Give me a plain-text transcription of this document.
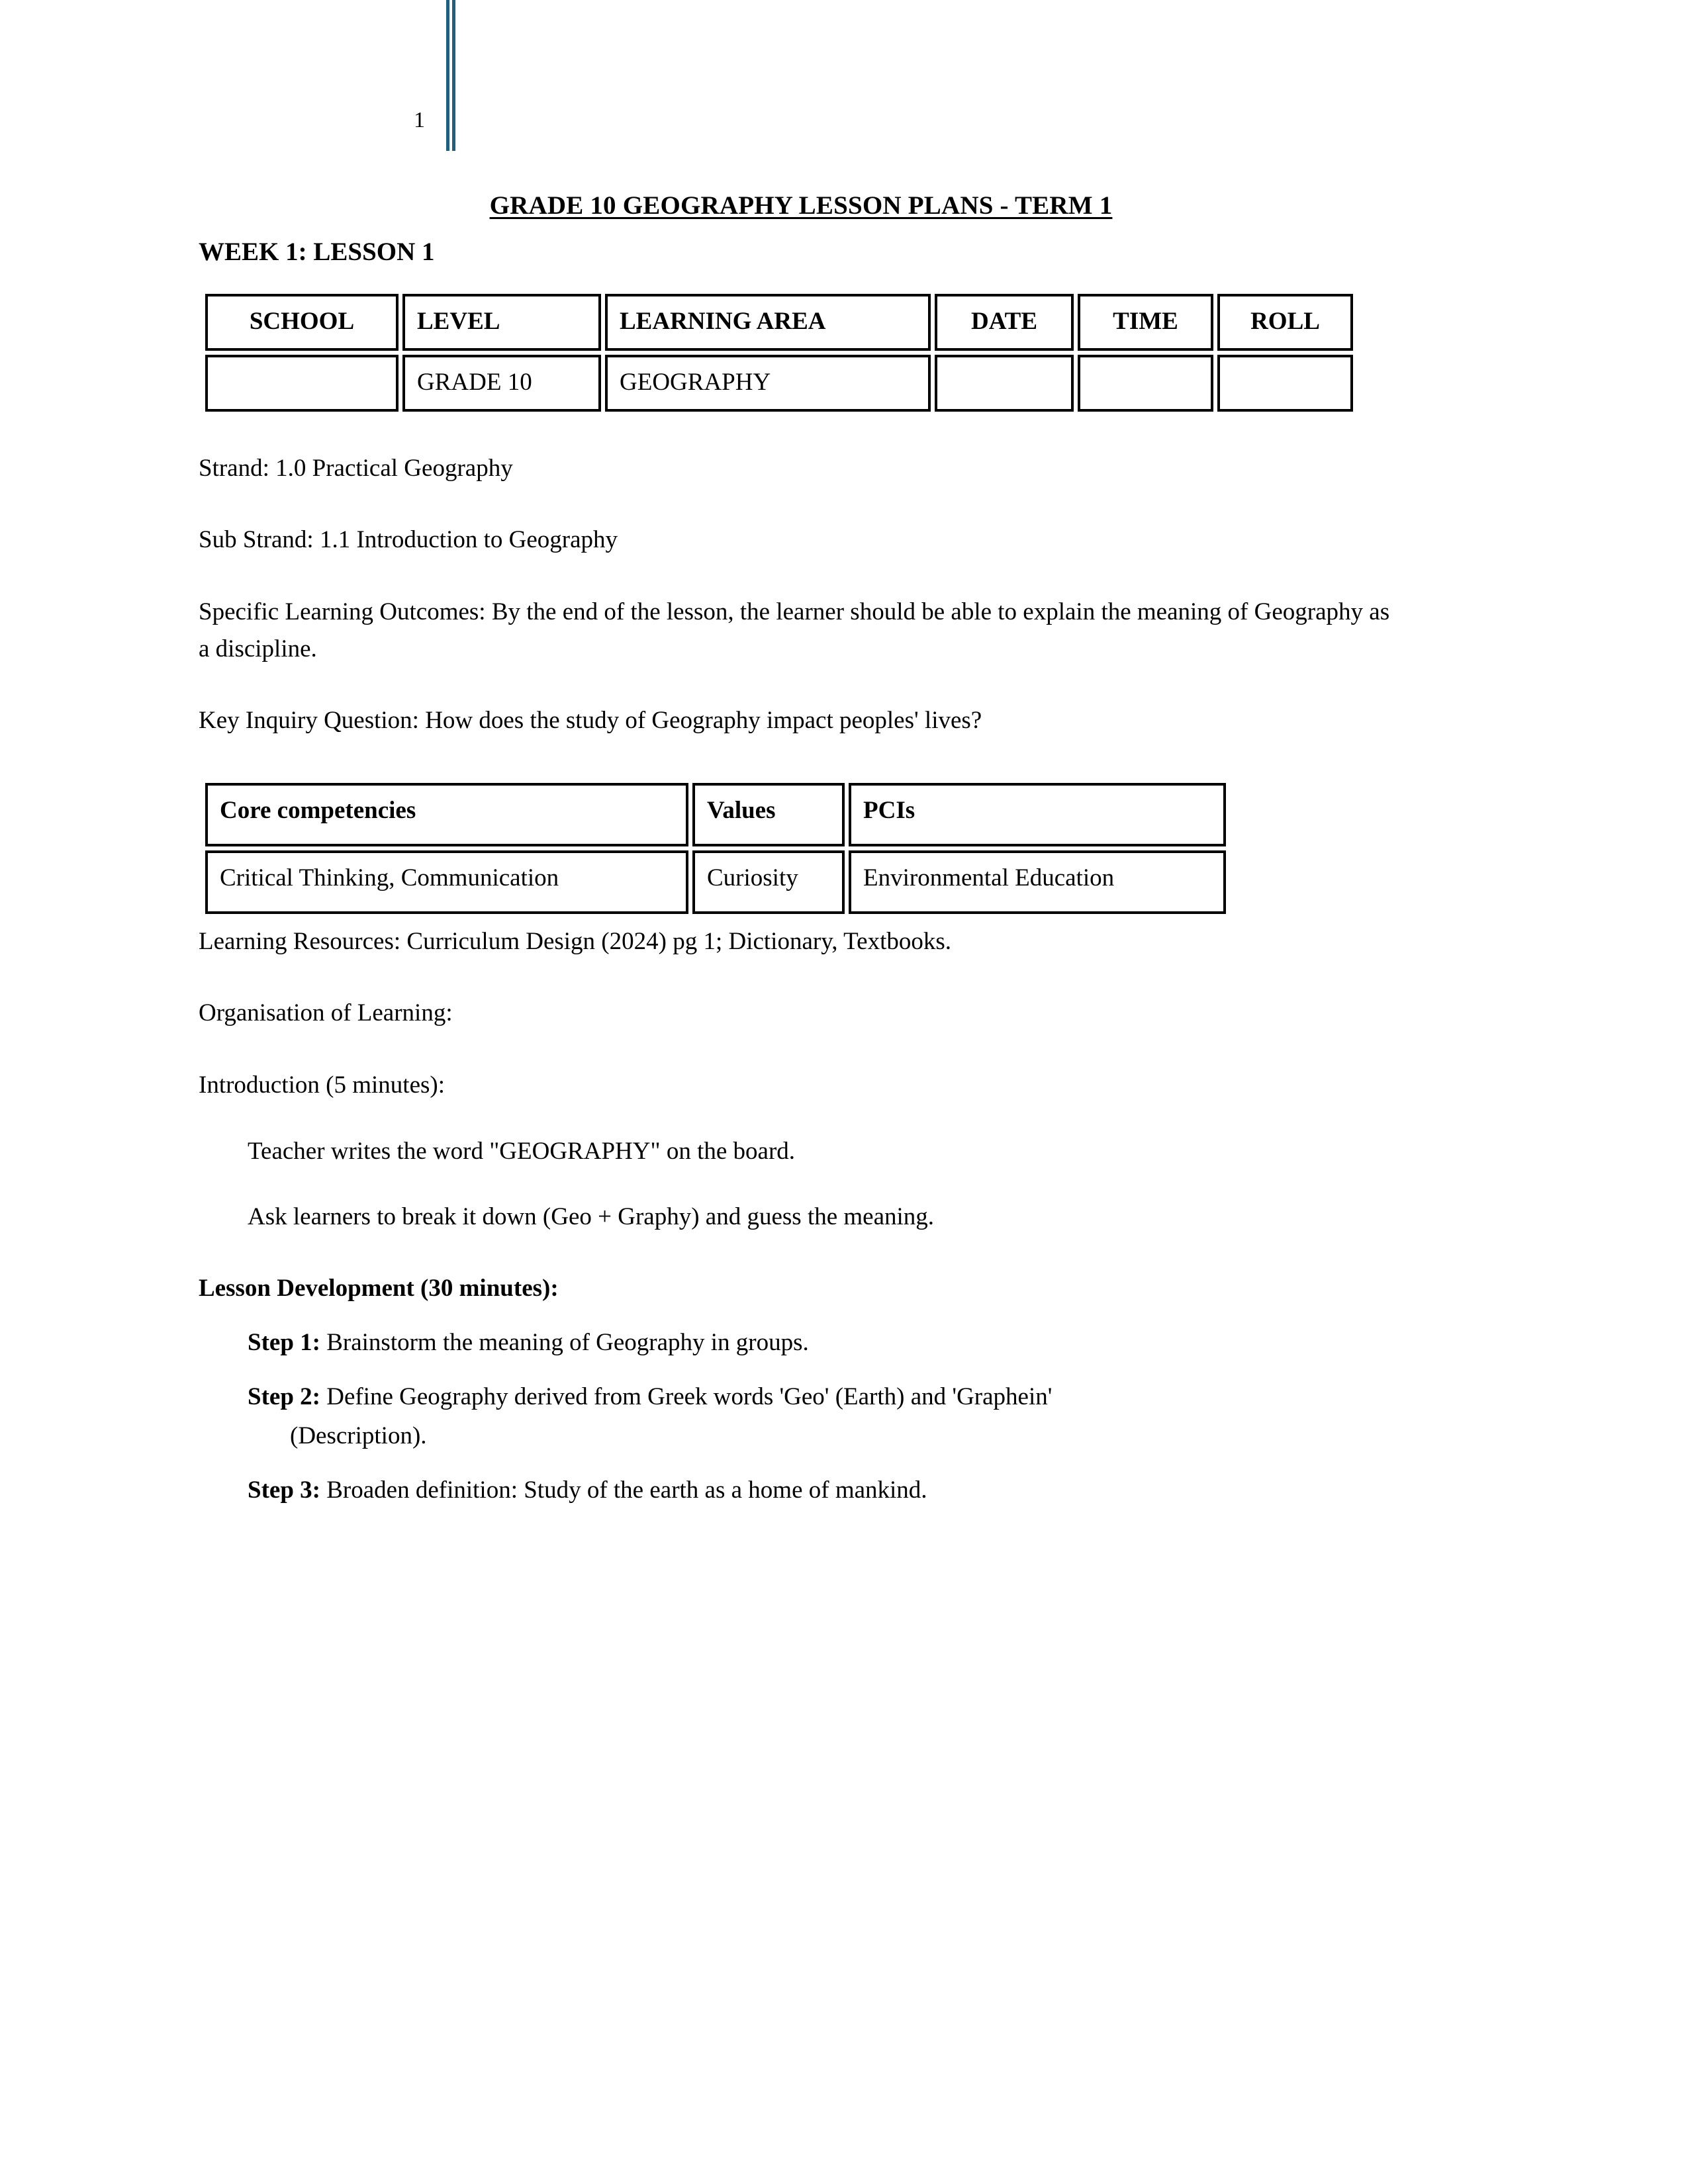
1
GRADE 10 GEOGRAPHY LESSON PLANS - TERM 1
WEEK 1: LESSON 1
SCHOOL	LEVEL	LEARNING AREA	DATE	TIME	ROLL
	GRADE 10	GEOGRAPHY			

Strand: 1.0 Practical Geography

Sub Strand: 1.1 Introduction to Geography

Specific Learning Outcomes: By the end of the lesson, the learner should be able to explain the meaning of Geography as a discipline.

Key Inquiry Question: How does the study of Geography impact peoples' lives?

Core competencies	Values	PCIs
Critical Thinking, Communication	Curiosity	Environmental Education

Learning Resources: Curriculum Design (2024) pg 1; Dictionary, Textbooks.

Organisation of Learning:

Introduction (5 minutes):

Teacher writes the word "GEOGRAPHY" on the board.

Ask learners to break it down (Geo + Graphy) and guess the meaning.

Lesson Development (30 minutes):

Step 1: Brainstorm the meaning of Geography in groups.

Step 2: Define Geography derived from Greek words 'Geo' (Earth) and 'Graphein'

(Description).

Step 3: Broaden definition: Study of the earth as a home of mankind.
